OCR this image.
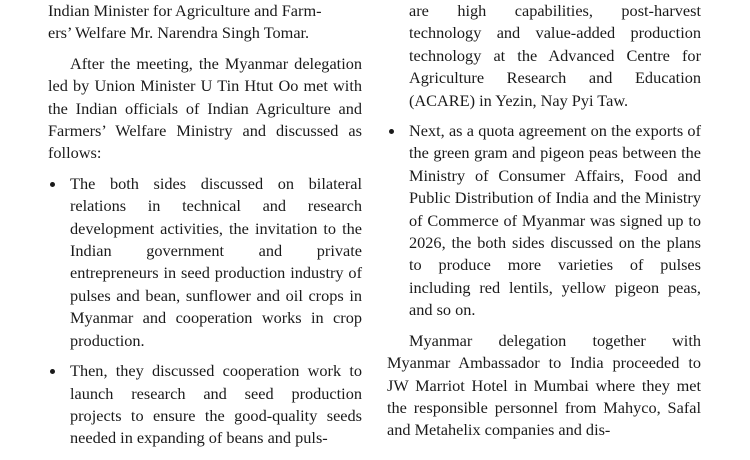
Indian Minister for Agriculture and Farm-
ers’ Welfare Mr. Narendra Singh Tomar.

After the meeting, the Myanmar delegation led by Union Minister U Tin Htut Oo met with the Indian officials of Indian Agriculture and Farmers’ Welfare Ministry and discussed as follows:

The both sides discussed on bilateral relations in technical and research development activities, the invitation to the Indian government and private entrepreneurs in seed production industry of pulses and bean, sunflower and oil crops in Myanmar and cooperation works in crop production.

Then, they discussed cooperation work to launch research and seed production projects to ensure the good-quality seeds needed in expanding of beans and puls-

are high capabilities, post-harvest technology and value-added production technology at the Advanced Centre for Agriculture Research and Education (ACARE) in Yezin, Nay Pyi Taw.

Next, as a quota agreement on the exports of the green gram and pigeon peas between the Ministry of Consumer Affairs, Food and Public Distribution of India and the Ministry of Commerce of Myanmar was signed up to 2026, the both sides discussed on the plans to produce more varieties of pulses including red lentils, yellow pigeon peas, and so on.

Myanmar delegation together with Myanmar Ambassador to India proceeded to JW Marriot Hotel in Mumbai where they met the responsible personnel from Mahyco, Safal and Metahelix companies and dis-
